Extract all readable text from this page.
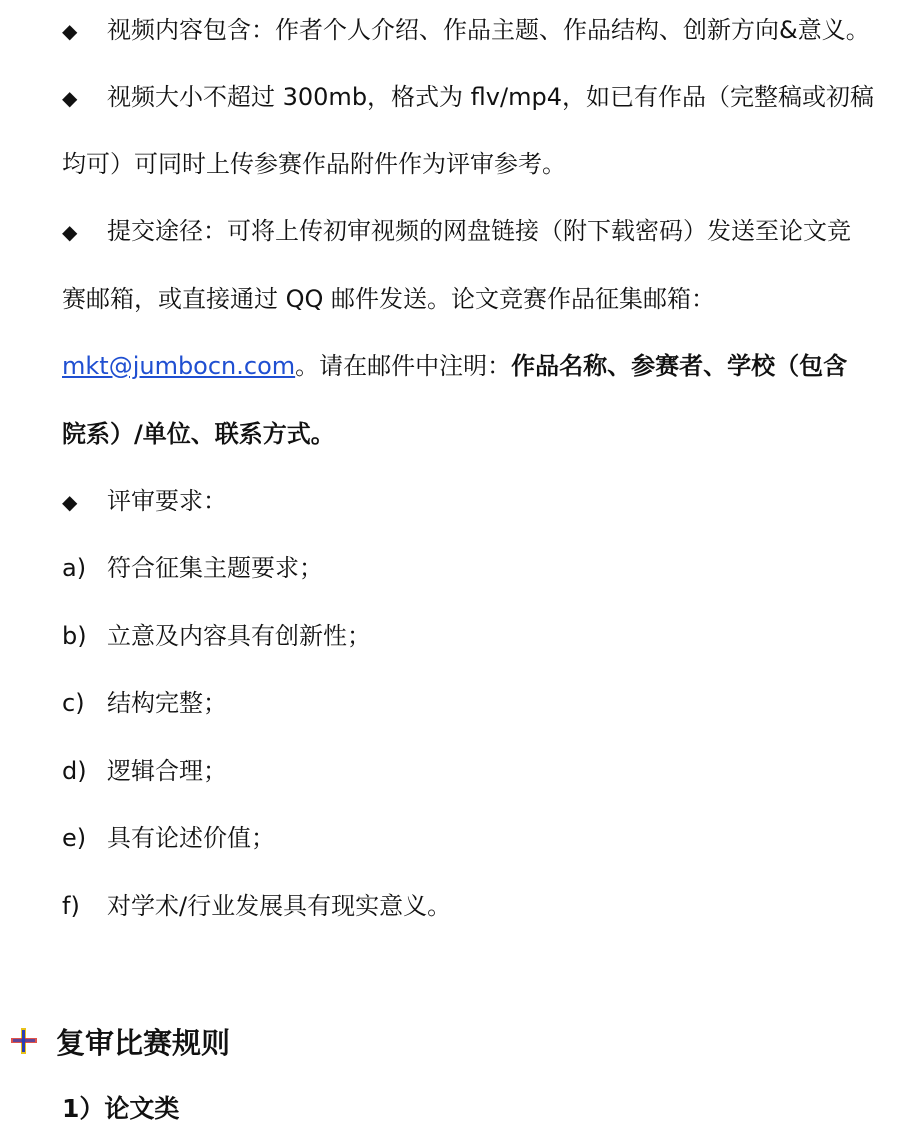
◆ 视频内容包含：作者个人介绍、作品主题、作品结构、创新方向&意义。
◆ 视频大小不超过 300mb，格式为 flv/mp4，如已有作品（完整稿或初稿
均可）可同时上传参赛作品附件作为评审参考。
◆ 提交途径：可将上传初审视频的网盘链接（附下载密码）发送至论文竞
赛邮箱，或直接通过 QQ 邮件发送。论文竞赛作品征集邮箱：
mkt@jumbocn.com。请在邮件中注明：作品名称、参赛者、学校（包含
院系）/单位、联系方式。
◆ 评审要求：
a) 符合征集主题要求；
b) 立意及内容具有创新性；
c) 结构完整；
d) 逻辑合理；
e) 具有论述价值；
f) 对学术/行业发展具有现实意义。
复审比赛规则
1）论文类
